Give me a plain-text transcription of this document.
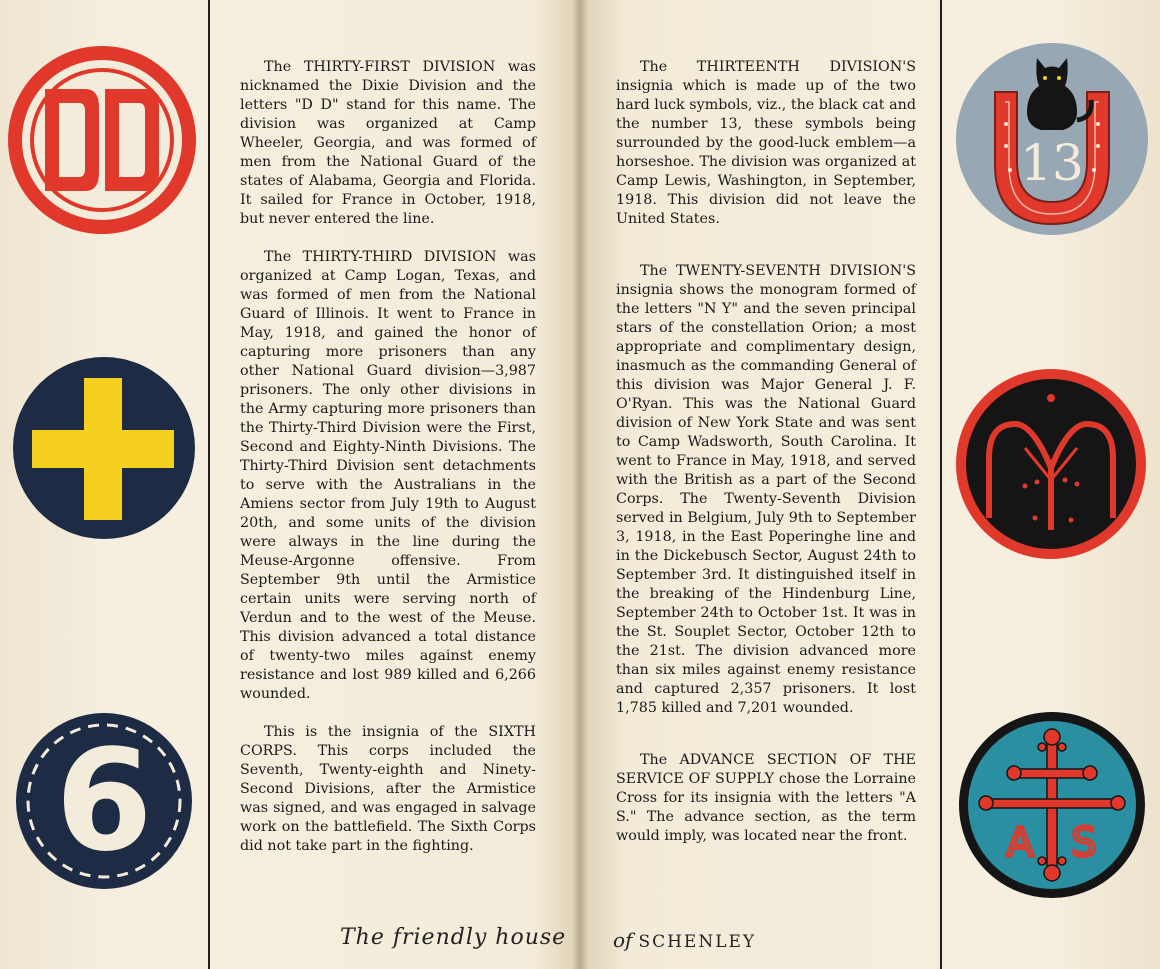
The THIRTY-FIRST DIVISION was nicknamed the Dixie Division and the letters "D D" stand for this name. The division was organized at Camp Wheeler, Georgia, and was formed of men from the National Guard of the states of Alabama, Georgia and Florida. It sailed for France in October, 1918, but never entered the line.

The THIRTY-THIRD DIVISION was organized at Camp Logan, Texas, and was formed of men from the National Guard of Illinois. It went to France in May, 1918, and gained the honor of capturing more prisoners than any other National Guard division—3,987 prisoners. The only other divisions in the Army capturing more prisoners than the Thirty-Third Division were the First, Second and Eighty-Ninth Divisions. The Thirty-Third Division sent detachments to serve with the Australians in the Amiens sector from July 19th to August 20th, and some units of the division were always in the line during the Meuse-Argonne offensive. From September 9th until the Armistice certain units were serving north of Verdun and to the west of the Meuse. This division advanced a total distance of twenty-two miles against enemy resistance and lost 989 killed and 6,266 wounded.

This is the insignia of the SIXTH CORPS. This corps included the Seventh, Twenty-eighth and Ninety-Second Divisions, after the Armistice was signed, and was engaged in salvage work on the battlefield. The Sixth Corps did not take part in the fighting.

The THIRTEENTH DIVISION'S insignia which is made up of the two hard luck symbols, viz., the black cat and the number 13, these symbols being surrounded by the good-luck emblem—a horseshoe. The division was organized at Camp Lewis, Washington, in September, 1918. This division did not leave the United States.

The TWENTY-SEVENTH DIVISION'S insignia shows the monogram formed of the letters "N Y" and the seven principal stars of the constellation Orion; a most appropriate and complimentary design, inasmuch as the commanding General of this division was Major General J. F. O'Ryan. This was the National Guard division of New York State and was sent to Camp Wadsworth, South Carolina. It went to France in May, 1918, and served with the British as a part of the Second Corps. The Twenty-Seventh Division served in Belgium, July 9th to September 3, 1918, in the East Poperinghe line and in the Dickebusch Sector, August 24th to September 3rd. It distinguished itself in the breaking of the Hindenburg Line, September 24th to October 1st. It was in the St. Souplet Sector, October 12th to the 21st. The division advanced more than six miles against enemy resistance and captured 2,357 prisoners. It lost 1,785 killed and 7,201 wounded.

The ADVANCE SECTION OF THE SERVICE OF SUPPLY chose the Lorraine Cross for its insignia with the letters "A S." The advance section, as the term would imply, was located near the front.

6
13
A S
The friendly house of SCHENLEY
